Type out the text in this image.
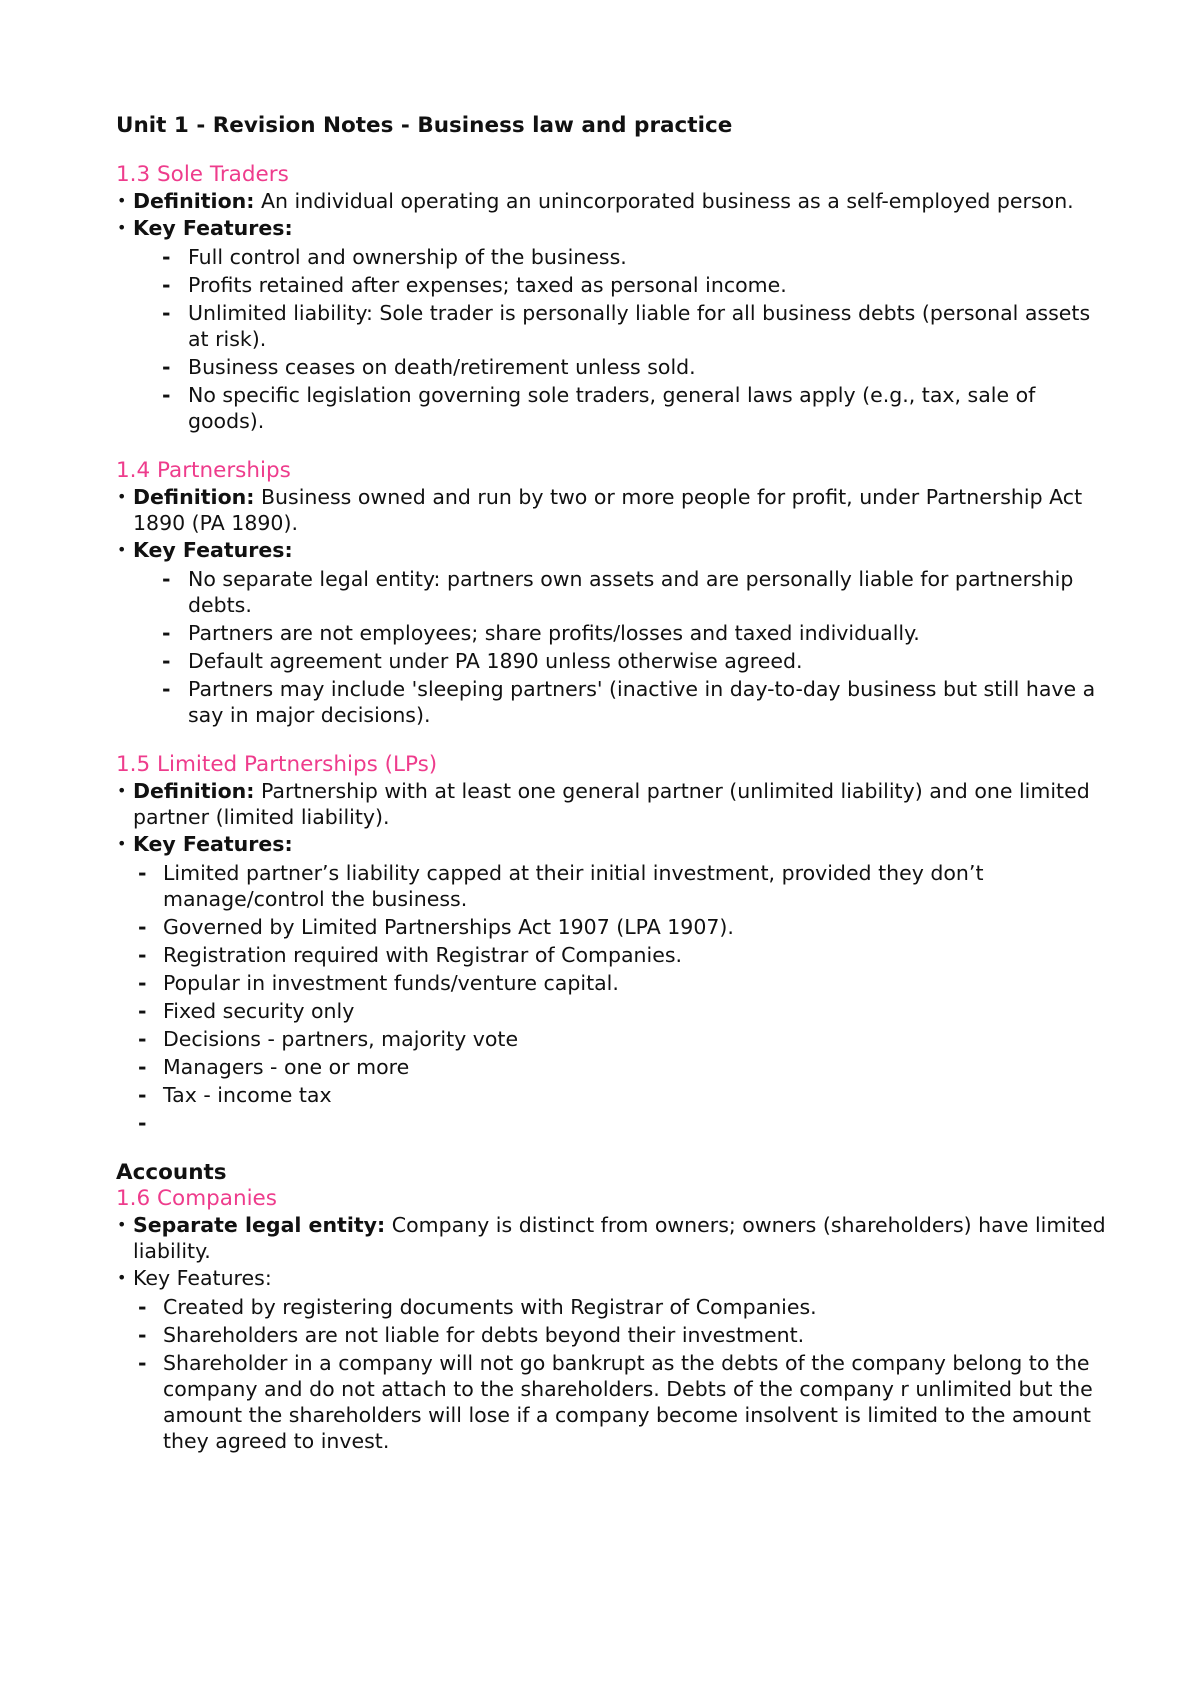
Unit 1 - Revision Notes - Business law and practice
1.3 Sole Traders
• Definition: An individual operating an unincorporated business as a self-employed person.
• Key Features:
- Full control and ownership of the business.
- Profits retained after expenses; taxed as personal income.
- Unlimited liability: Sole trader is personally liable for all business debts (personal assets at risk).
- Business ceases on death/retirement unless sold.
- No specific legislation governing sole traders, general laws apply (e.g., tax, sale of goods).
1.4 Partnerships
• Definition: Business owned and run by two or more people for profit, under Partnership Act 1890 (PA 1890).
• Key Features:
- No separate legal entity: partners own assets and are personally liable for partnership debts.
- Partners are not employees; share profits/losses and taxed individually.
- Default agreement under PA 1890 unless otherwise agreed.
- Partners may include 'sleeping partners' (inactive in day-to-day business but still have a say in major decisions).
1.5 Limited Partnerships (LPs)
• Definition: Partnership with at least one general partner (unlimited liability) and one limited partner (limited liability).
• Key Features:
- Limited partner’s liability capped at their initial investment, provided they don’t manage/control the business.
- Governed by Limited Partnerships Act 1907 (LPA 1907).
- Registration required with Registrar of Companies.
- Popular in investment funds/venture capital.
- Fixed security only
- Decisions - partners, majority vote
- Managers - one or more
- Tax - income tax
-
Accounts
1.6 Companies
• Separate legal entity: Company is distinct from owners; owners (shareholders) have limited liability.
• Key Features:
- Created by registering documents with Registrar of Companies.
- Shareholders are not liable for debts beyond their investment.
- Shareholder in a company will not go bankrupt as the debts of the company belong to the company and do not attach to the shareholders. Debts of the company r unlimited but the amount the shareholders will lose if a company become insolvent is limited to the amount they agreed to invest.
